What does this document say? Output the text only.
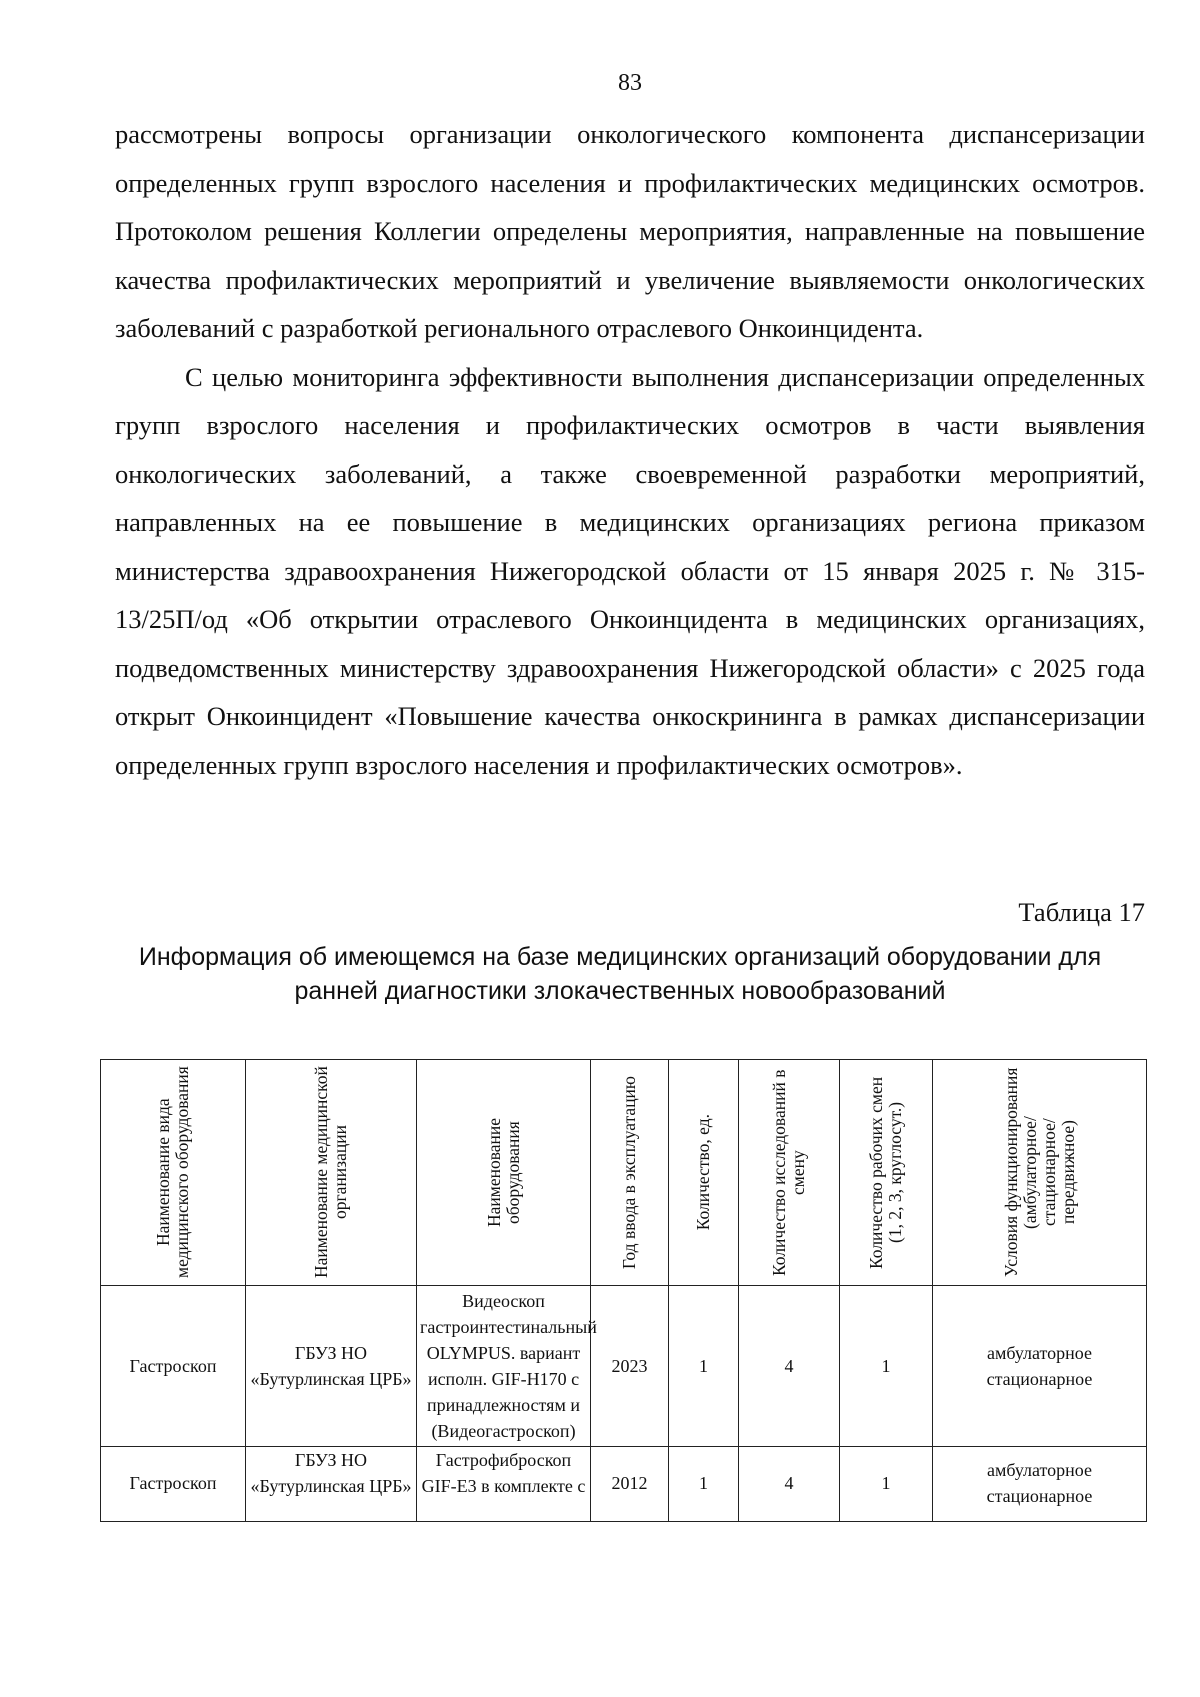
83

рассмотрены вопросы организации онкологического компонента диспансеризации определенных групп взрослого населения и профилактических медицинских осмотров. Протоколом решения Коллегии определены мероприятия, направленные на повышение качества профилактических мероприятий и увеличение выявляемости онкологических заболеваний с разработкой регионального отраслевого Онкоинцидента.

С целью мониторинга эффективности выполнения диспансеризации определенных групп взрослого населения и профилактических осмотров в части выявления онкологических заболеваний, а также своевременной разработки мероприятий, направленных на ее повышение в медицинских организациях региона приказом министерства здравоохранения Нижегородской области от 15 января 2025 г. № 315-13/25П/од «Об открытии отраслевого Онкоинцидента в медицинских организациях, подведомственных министерству здравоохранения Нижегородской области» с 2025 года открыт Онкоинцидент «Повышение качества онкоскрининга в рамках диспансеризации определенных групп взрослого населения и профилактических осмотров».

Таблица 17
Информация об имеющемся на базе медицинских организаций оборудовании для ранней диагностики злокачественных новообразований
Наименование вида медицинского оборудования	Наименование медицинской организации	Наименование оборудования	Год ввода в эксплуатацию	Количество, ед.	Количество исследований в смену	Количество рабочих смен (1, 2, 3, круглосут.)	Условия функционирования (амбулаторное/ стационарное/ передвижное)

Гастроскоп	ГБУЗ НО «Бутурлинская ЦРБ»	Видеоскоп гастроинтестинальный OLYMPUS. вариант исполн. GIF-H170 с принадлежностям и (Видеогастроскоп)	2023	1	4	1	амбулаторное стационарное
Гастроскоп	ГБУЗ НО «Бутурлинская ЦРБ»	Гастрофиброскоп GIF-E3 в комплекте с	2012	1	4	1	амбулаторное стационарное
